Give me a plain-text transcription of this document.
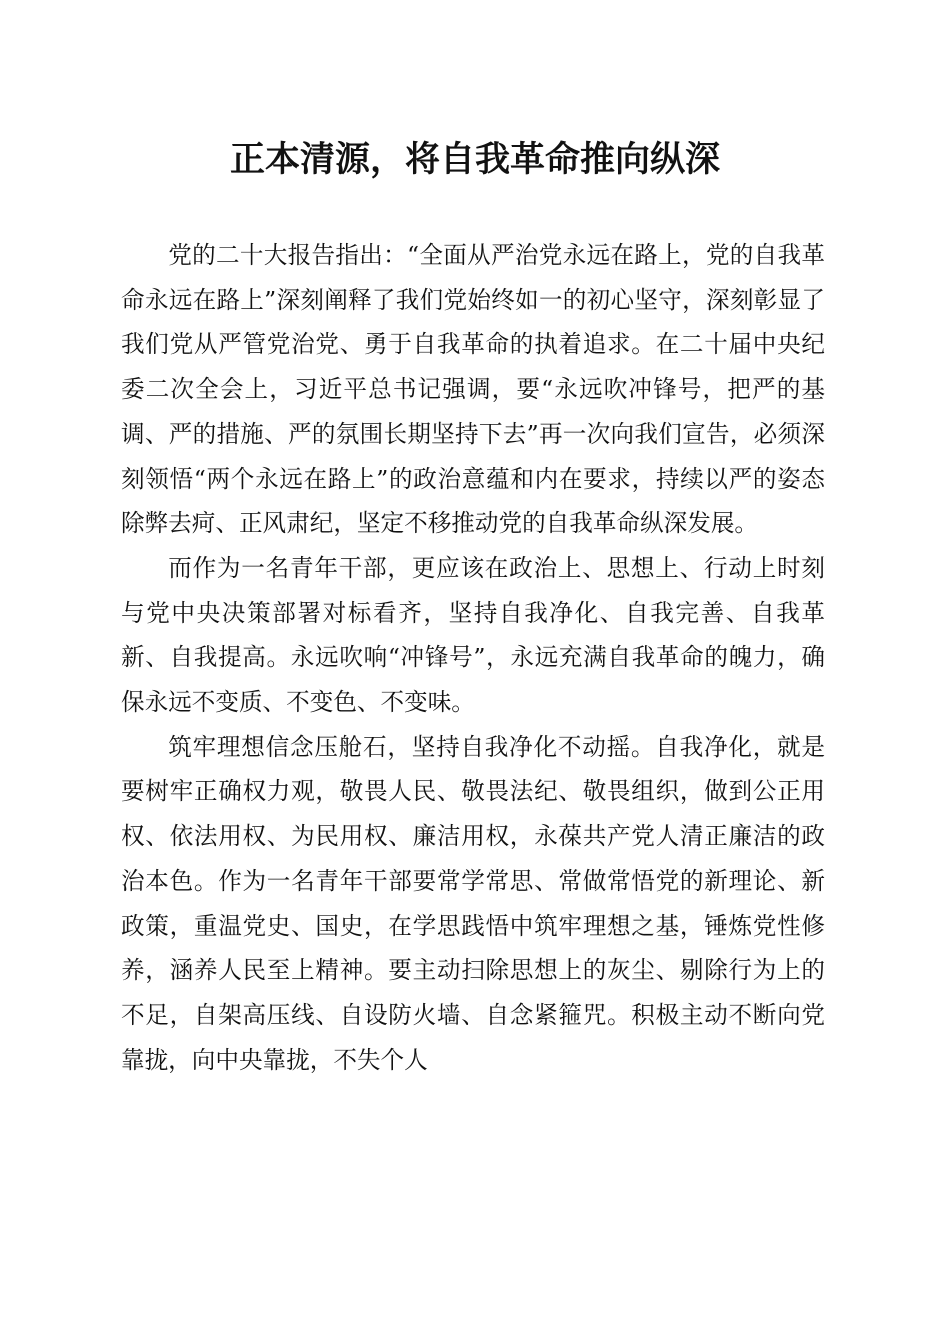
正本清源，将自我革命推向纵深

党的二十大报告指出：“全面从严治党永远在路上，党的自我革命永远在路上”深刻阐释了我们党始终如一的初心坚守，深刻彰显了我们党从严管党治党、勇于自我革命的执着追求。在二十届中央纪委二次全会上，习近平总书记强调，要“永远吹冲锋号，把严的基调、严的措施、严的氛围长期坚持下去”再一次向我们宣告，必须深刻领悟“两个永远在路上”的政治意蕴和内在要求，持续以严的姿态除弊去疴、正风肃纪，坚定不移推动党的自我革命纵深发展。

而作为一名青年干部，更应该在政治上、思想上、行动上时刻与党中央决策部署对标看齐，坚持自我净化、自我完善、自我革新、自我提高。永远吹响“冲锋号”，永远充满自我革命的魄力，确保永远不变质、不变色、不变味。

筑牢理想信念压舱石，坚持自我净化不动摇。自我净化，就是要树牢正确权力观，敬畏人民、敬畏法纪、敬畏组织，做到公正用权、依法用权、为民用权、廉洁用权，永葆共产党人清正廉洁的政治本色。作为一名青年干部要常学常思、常做常悟党的新理论、新政策，重温党史、国史，在学思践悟中筑牢理想之基，锤炼党性修养，涵养人民至上精神。要主动扫除思想上的灰尘、剔除行为上的不足，自架高压线、自设防火墙、自念紧箍咒。积极主动不断向党靠拢，向中央靠拢，不失个人
